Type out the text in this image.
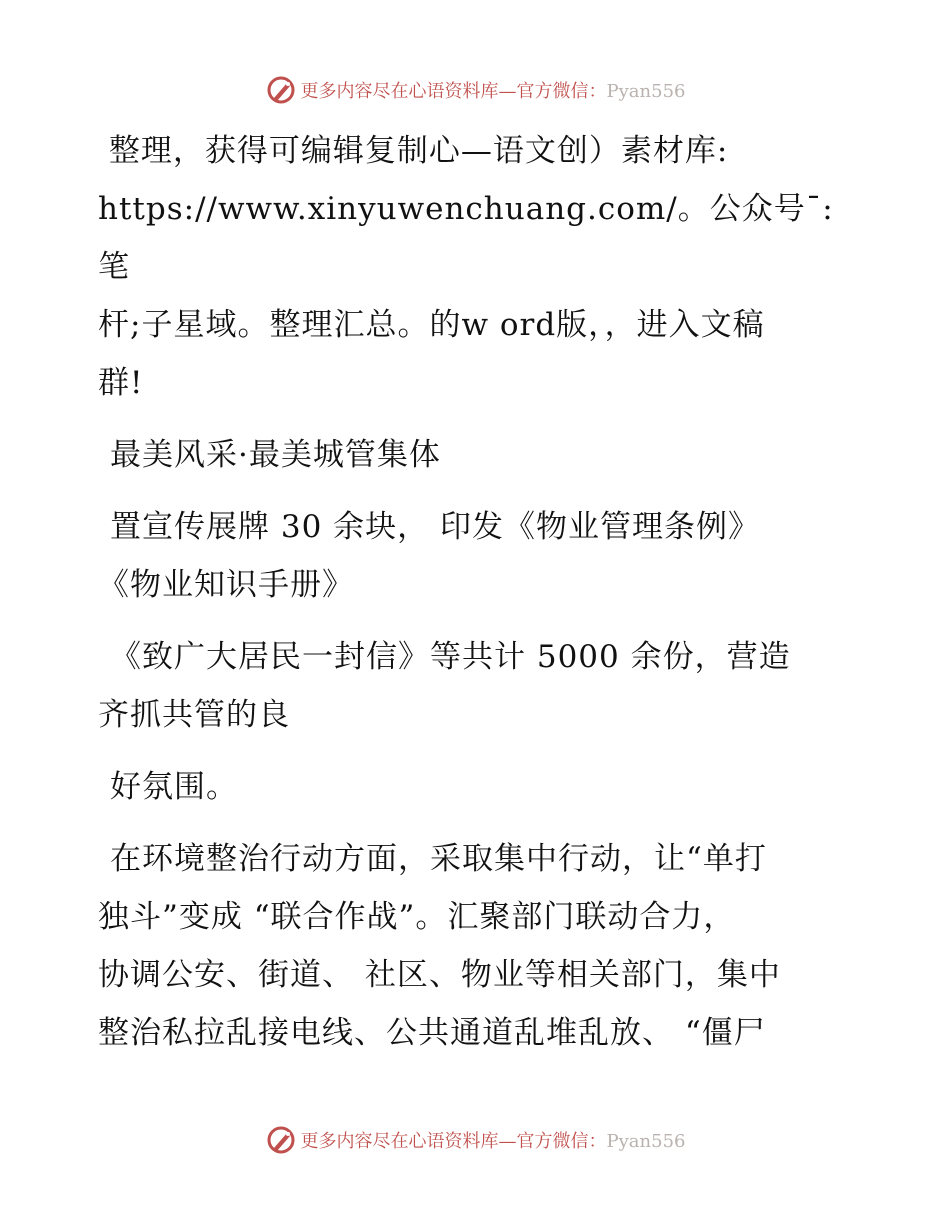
更多内容尽在心语资料库—官方微信：Pyan556

整理，获得可编辑复制心—语文创）素材库:
https://www.xinyuwenchuang.com/。公众号¯: 笔
杆;子星域。整理汇总。的w ord版，，进入文稿
群!

最美风采·最美城管集体

置宣传展牌 30 余块， 印发《物业管理条例》
《物业知识手册》

《致广大居民一封信》等共计 5000 余份，营造
齐抓共管的良

好氛围。

在环境整治行动方面，采取集中行动，让“单打
独斗”变成 “联合作战”。汇聚部门联动合力，
协调公安、街道、 社区、物业等相关部门，集中
整治私拉乱接电线、公共通道乱堆乱放、 “僵尸

更多内容尽在心语资料库—官方微信：Pyan556
